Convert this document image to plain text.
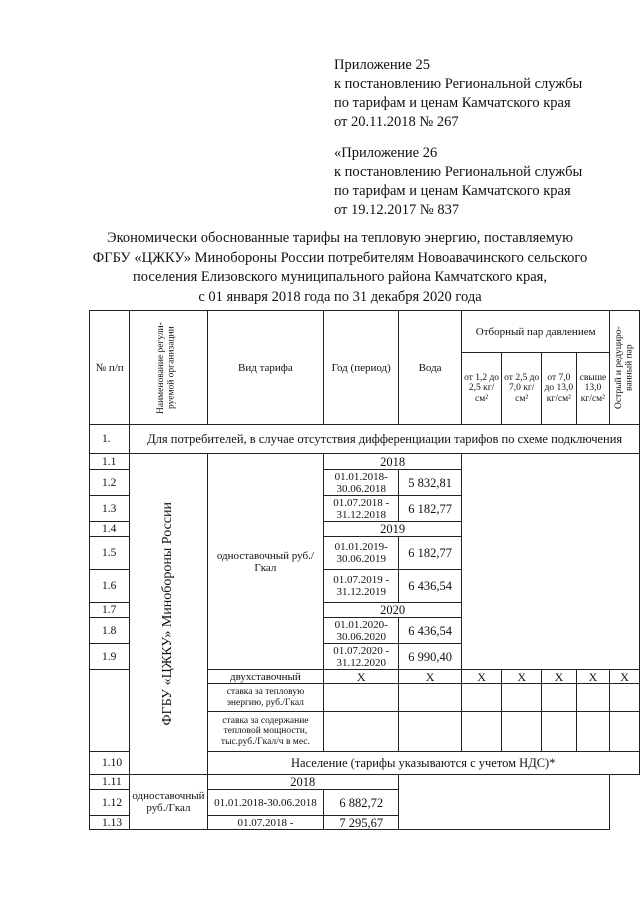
Приложение 25
к постановлению Региональной службы
по тарифам и ценам Камчатского края
от 20.11.2018 № 267
«Приложение 26
к постановлению Региональной службы
по тарифам и ценам Камчатского края
от 19.12.2017 № 837
Экономически обоснованные тарифы на тепловую энергию, поставляемую
ФГБУ «ЦЖКУ» Минобороны России потребителям Новоавачинского сельского
поселения Елизовского муниципального района Камчатского края,
с 01 января 2018 года по 31 декабря 2020 года
№ п/п	Наименование регули-руемой организации	Вид тарифа	Год (период)	Вода	Отборный пар давлением				Острый и редуциро-ванный пар

					от 1,2 до 2,5 кг/см²	от 2,5 до 7,0 кг/см²	от 7,0 до 13,0 кг/см²	свыше 13,0 кг/см²	
1.	Для потребителей, в случае отсутствия дифференциации тарифов по схеме подключения								
1.1	ФГБУ «ЦЖКУ» Минобороны России	одноставочный руб./Гкал	2018						
1.2			01.01.2018-30.06.2018	5 832,81					
1.3			01.07.2018 - 31.12.2018	6 182,77					
1.4			2019						
1.5			01.01.2019-30.06.2019	6 182,77					
1.6			01.07.2019 - 31.12.2019	6 436,54					
1.7			2020						
1.8			01.01.2020-30.06.2020	6 436,54					
1.9			01.07.2020 - 31.12.2020	6 990,40					
		двухставочный	Х	Х	Х	Х	Х	Х	Х
		ставка за тепловую энергию, руб./Гкал							
		ставка за содержание тепловой мощности, тыс.руб./Гкал/ч в мес.							
1.10		Население (тарифы указываются с учетом НДС)*							
1.11	одноставочный руб./Гкал	2018							
1.12		01.01.2018-30.06.2018	6 882,72						
1.13		01.07.2018 -	7 295,67						
